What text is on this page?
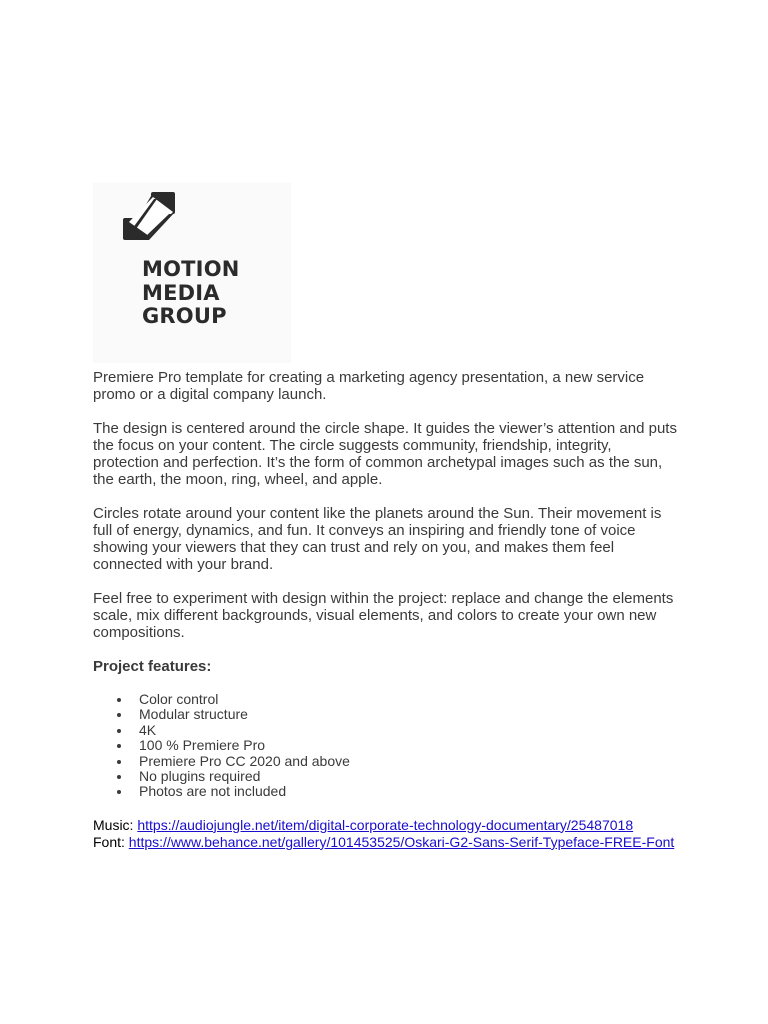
MOTION
MEDIA
GROUP

Premiere Pro template for creating a marketing agency presentation, a new service promo or a digital company launch.

The design is centered around the circle shape. It guides the viewer’s attention and puts the focus on your content. The circle suggests community, friendship, integrity, protection and perfection. It’s the form of common archetypal images such as the sun, the earth, the moon, ring, wheel, and apple.

Circles rotate around your content like the planets around the Sun. Their movement is full of energy, dynamics, and fun. It conveys an inspiring and friendly tone of voice showing your viewers that they can trust and rely on you, and makes them feel connected with your brand.

Feel free to experiment with design within the project: replace and change the elements scale, mix different backgrounds, visual elements, and colors to create your own new compositions.

Project features:
Color control
Modular structure
4K
100 % Premiere Pro
Premiere Pro CC 2020 and above
No plugins required
Photos are not included
Music: https://audiojungle.net/item/digital-corporate-technology-documentary/25487018
Font: https://www.behance.net/gallery/101453525/Oskari-G2-Sans-Serif-Typeface-FREE-Font
